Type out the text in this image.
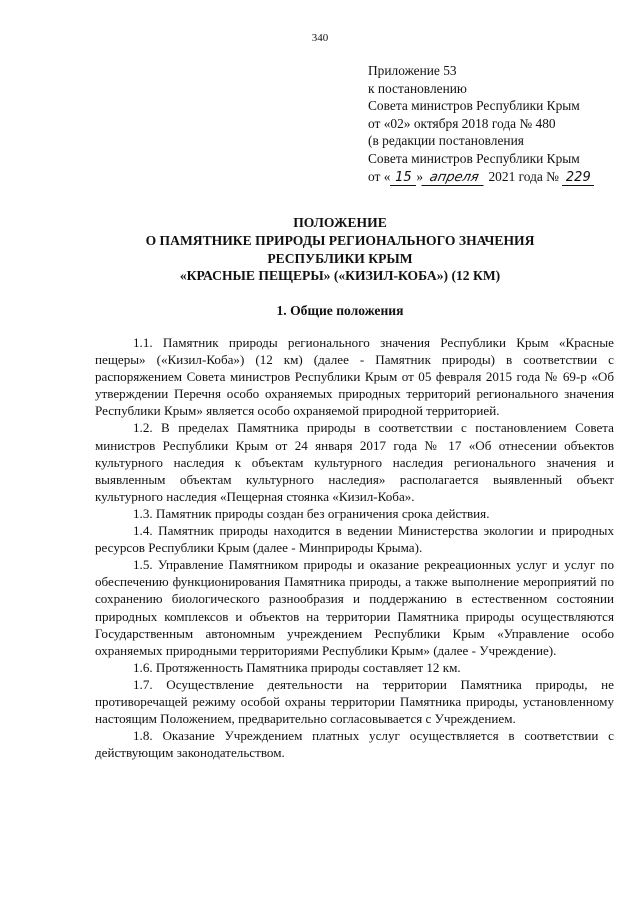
340
Приложение 53
к постановлению
Совета министров Республики Крым
от «02» октября 2018 года № 480
(в редакции постановления
Совета министров Республики Крым
от « 15 » апреля 2021 года № 229
ПОЛОЖЕНИЕ
О ПАМЯТНИКЕ ПРИРОДЫ РЕГИОНАЛЬНОГО ЗНАЧЕНИЯ
РЕСПУБЛИКИ КРЫМ
«КРАСНЫЕ ПЕЩЕРЫ» («КИЗИЛ-КОБА») (12 КМ)
1. Общие положения

1.1. Памятник природы регионального значения Республики Крым «Красные пещеры» («Кизил-Коба») (12 км) (далее - Памятник природы) в соответствии с распоряжением Совета министров Республики Крым от 05 февраля 2015 года № 69-р «Об утверждении Перечня особо охраняемых природных территорий регионального значения Республики Крым» является особо охраняемой природной территорией.

1.2. В пределах Памятника природы в соответствии с постановлением Совета министров Республики Крым от 24 января 2017 года № 17 «Об отнесении объектов культурного наследия к объектам культурного наследия регионального значения и выявленным объектам культурного наследия» располагается выявленный объект культурного наследия «Пещерная стоянка «Кизил-Коба».

1.3. Памятник природы создан без ограничения срока действия.

1.4. Памятник природы находится в ведении Министерства экологии и природных ресурсов Республики Крым (далее - Минприроды Крыма).

1.5. Управление Памятником природы и оказание рекреационных услуг и услуг по обеспечению функционирования Памятника природы, а также выполнение мероприятий по сохранению биологического разнообразия и поддержанию в естественном состоянии природных комплексов и объектов на территории Памятника природы осуществляются Государственным автономным учреждением Республики Крым «Управление особо охраняемых природными территориями Республики Крым» (далее - Учреждение).

1.6. Протяженность Памятника природы составляет 12 км.

1.7. Осуществление деятельности на территории Памятника природы, не противоречащей режиму особой охраны территории Памятника природы, установленному настоящим Положением, предварительно согласовывается с Учреждением.

1.8. Оказание Учреждением платных услуг осуществляется в соответствии с действующим законодательством.
